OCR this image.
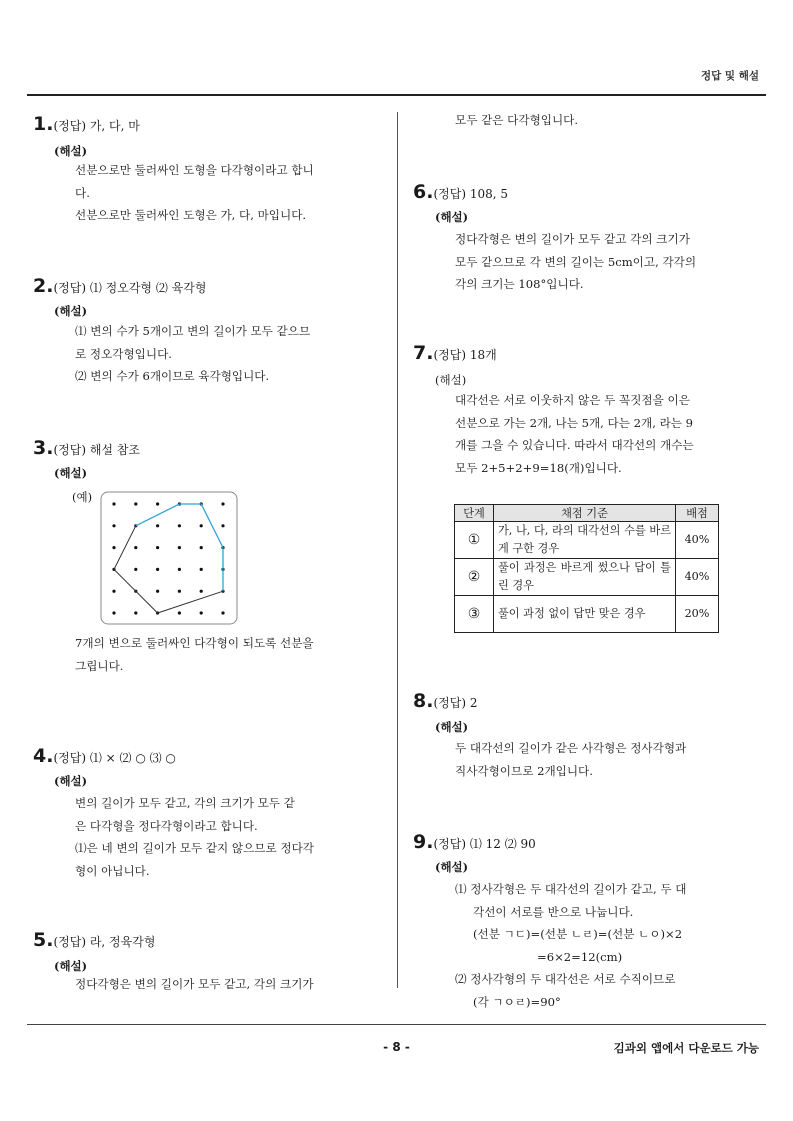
정답 및 해설
1.(정답) 가, 다, 마
(해설)
선분으로만 둘러싸인 도형을 다각형이라고 합니
다.
선분으로만 둘러싸인 도형은 가, 다, 마입니다.
2.(정답) ⑴ 정오각형 ⑵ 육각형
(해설)
⑴ 변의 수가 5개이고 변의 길이가 모두 같으므
로 정오각형입니다.
⑵ 변의 수가 6개이므로 육각형입니다.
3.(정답) 해설 참조
(해설)
(예)
7개의 변으로 둘러싸인 다각형이 되도록 선분을
그립니다.
4.(정답) ⑴ × ⑵ ○ ⑶ ○
(해설)
변의 길이가 모두 같고, 각의 크기가 모두 같
은 다각형을 정다각형이라고 합니다.
⑴은 네 변의 길이가 모두 같지 않으므로 정다각
형이 아닙니다.
5.(정답) 라, 정육각형
(해설)
정다각형은 변의 길이가 모두 같고, 각의 크기가
모두 같은 다각형입니다.
6.(정답) 108, 5
(해설)
정다각형은 변의 길이가 모두 같고 각의 크기가
모두 같으므로 각 변의 길이는 5cm이고, 각각의
각의 크기는 108°입니다.
7.(정답) 18개
(해설)
대각선은 서로 이웃하지 않은 두 꼭짓점을 이은
선분으로 가는 2개, 나는 5개, 다는 2개, 라는 9
개를 그을 수 있습니다. 따라서 대각선의 개수는
모두 2+5+2+9=18(개)입니다.
단계	채점 기준	배점
①	가, 나, 다, 라의 대각선의 수를 바르게 구한 경우	40%
②	풀이 과정은 바르게 썼으나 답이 틀린 경우	40%
③	풀이 과정 없이 답만 맞은 경우	20%
8.(정답) 2
(해설)
두 대각선의 길이가 같은 사각형은 정사각형과
직사각형이므로 2개입니다.
9.(정답) ⑴ 12 ⑵ 90
(해설)
⑴ 정사각형은 두 대각선의 길이가 같고, 두 대
각선이 서로를 반으로 나눕니다.
(선분 ㄱㄷ)=(선분 ㄴㄹ)=(선분 ㄴㅇ)×2
=6×2=12(cm)
⑵ 정사각형의 두 대각선은 서로 수직이므로
(각 ㄱㅇㄹ)=90°
- 8 -	김과외 앱에서 다운로드 가능
